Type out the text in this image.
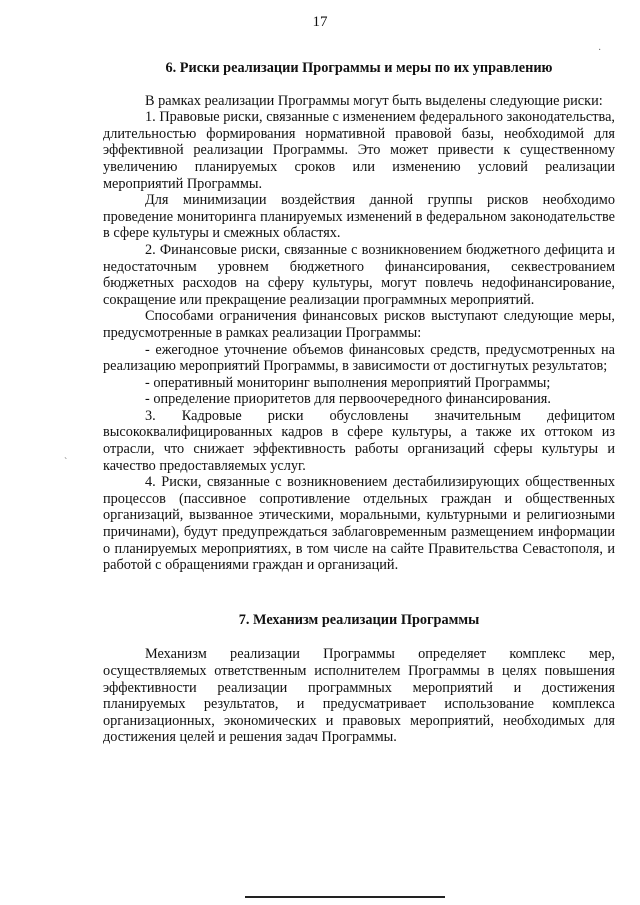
17
·
ˋ

6. Риски реализации Программы и меры по их управлению

В рамках реализации Программы могут быть выделены следующие риски:

1. Правовые риски, связанные с изменением федерального законодательства, длительностью формирования нормативной правовой базы, необходимой для эффективной реализации Программы. Это может привести к существенному увеличению планируемых сроков или изменению условий реализации мероприятий Программы.

Для минимизации воздействия данной группы рисков необходимо проведение мониторинга планируемых изменений в федеральном законодательстве в сфере культуры и смежных областях.

2. Финансовые риски, связанные с возникновением бюджетного дефицита и недостаточным уровнем бюджетного финансирования, секвестрованием бюджетных расходов на сферу культуры, могут повлечь недофинансирование, сокращение или прекращение реализации программных мероприятий.

Способами ограничения финансовых рисков выступают следующие меры, предусмотренные в рамках реализации Программы:

- ежегодное уточнение объемов финансовых средств, предусмотренных на реализацию мероприятий Программы, в зависимости от достигнутых результатов;

- оперативный мониторинг выполнения мероприятий Программы;

- определение приоритетов для первоочередного финансирования.

3. Кадровые риски обусловлены значительным дефицитом высококвалифицированных кадров в сфере культуры, а также их оттоком из отрасли, что снижает эффективность работы организаций сферы культуры и качество предоставляемых услуг.

4. Риски, связанные с возникновением дестабилизирующих общественных процессов (пассивное сопротивление отдельных граждан и общественных организаций, вызванное этическими, моральными, культурными и религиозными причинами), будут предупреждаться заблаговременным размещением информации о планируемых мероприятиях, в том числе на сайте Правительства Севастополя, и работой с обращениями граждан и организаций.

7. Механизм реализации Программы

Механизм реализации Программы определяет комплекс мер, осуществляемых ответственным исполнителем Программы в целях повышения эффективности реализации программных мероприятий и достижения планируемых результатов, и предусматривает использование комплекса организационных, экономических и правовых мероприятий, необходимых для достижения целей и решения задач Программы.
